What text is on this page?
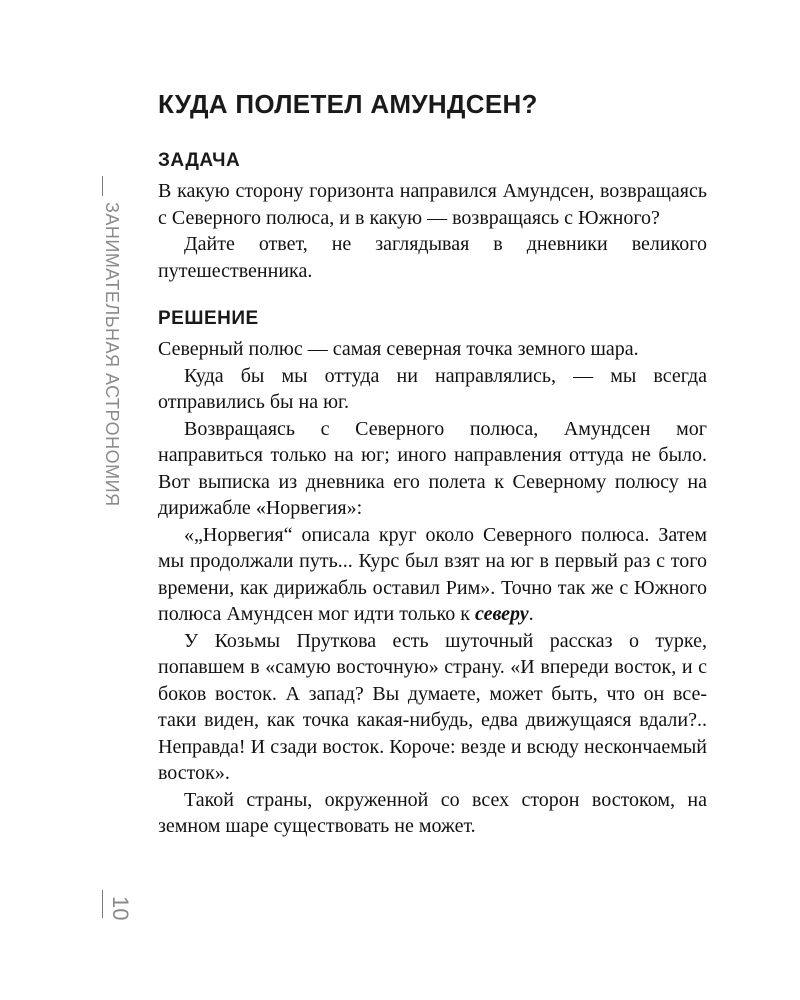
ЗАНИМАТЕЛЬНАЯ АСТРОНОМИЯ
10
КУДА ПОЛЕТЕЛ АМУНДСЕН?
ЗАДАЧА

В какую сторону горизонта направился Амундсен, возвращаясь с Северного полюса, и в какую — возвращаясь с Южного?

Дайте ответ, не заглядывая в дневники великого путешественника.

РЕШЕНИЕ

Северный полюс — самая северная точка земного шара.

Куда бы мы оттуда ни направлялись, — мы всегда отправились бы на юг.

Возвращаясь с Северного полюса, Амундсен мог направиться только на юг; иного направления оттуда не было. Вот выписка из дневника его полета к Северному полюсу на дирижабле «Норвегия»:

«„Норвегия“ описала круг около Северного полюса. Затем мы продолжали путь... Курс был взят на юг в первый раз с того времени, как дирижабль оставил Рим». Точно так же с Южного полюса Амундсен мог идти только к северу.

У Козьмы Пруткова есть шуточный рассказ о турке, попавшем в «самую восточную» страну. «И впереди восток, и с боков восток. А запад? Вы думаете, может быть, что он все-таки виден, как точка какая-нибудь, едва движущаяся вдали?.. Неправда! И сзади восток. Короче: везде и всюду нескончаемый восток».

Такой страны, окруженной со всех сторон востоком, на земном шаре существовать не может.
